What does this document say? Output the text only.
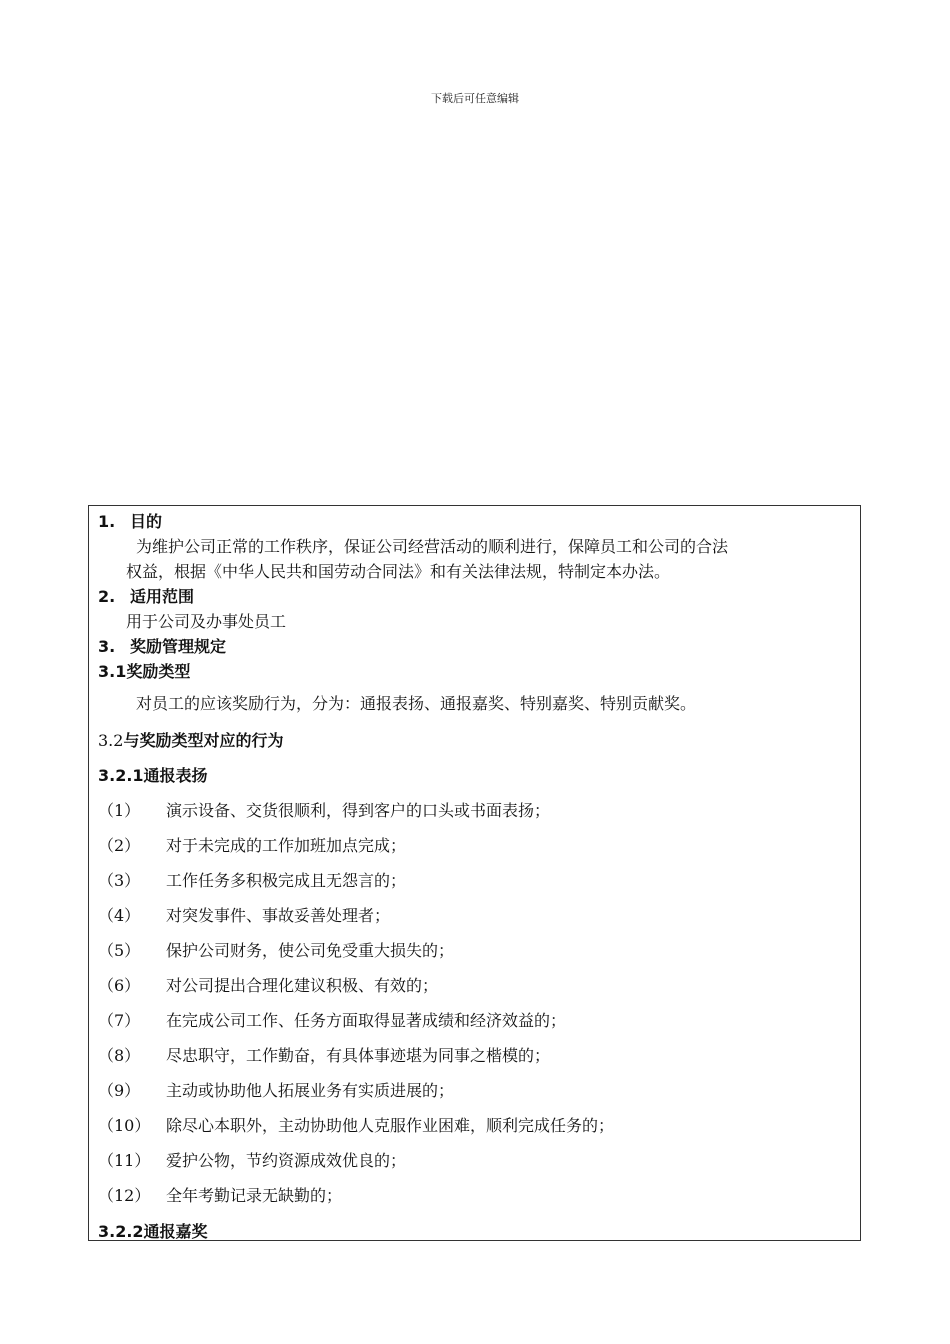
下载后可任意编辑
1. 目的
为维护公司正常的工作秩序，保证公司经营活动的顺利进行，保障员工和公司的合法
权益，根据《中华人民共和国劳动合同法》和有关法律法规，特制定本办法。
2. 适用范围
用于公司及办事处员工
3. 奖励管理规定
3.1奖励类型
对员工的应该奖励行为，分为：通报表扬、通报嘉奖、特别嘉奖、特别贡献奖。
3.2与奖励类型对应的行为
3.2.1通报表扬
（1） 演示设备、交货很顺利，得到客户的口头或书面表扬；
（2） 对于未完成的工作加班加点完成；
（3） 工作任务多积极完成且无怨言的；
（4） 对突发事件、事故妥善处理者；
（5） 保护公司财务，使公司免受重大损失的；
（6） 对公司提出合理化建议积极、有效的；
（7） 在完成公司工作、任务方面取得显著成绩和经济效益的；
（8） 尽忠职守，工作勤奋，有具体事迹堪为同事之楷模的；
（9） 主动或协助他人拓展业务有实质进展的；
（10） 除尽心本职外，主动协助他人克服作业困难，顺利完成任务的；
（11） 爱护公物，节约资源成效优良的；
（12） 全年考勤记录无缺勤的；
3.2.2通报嘉奖
